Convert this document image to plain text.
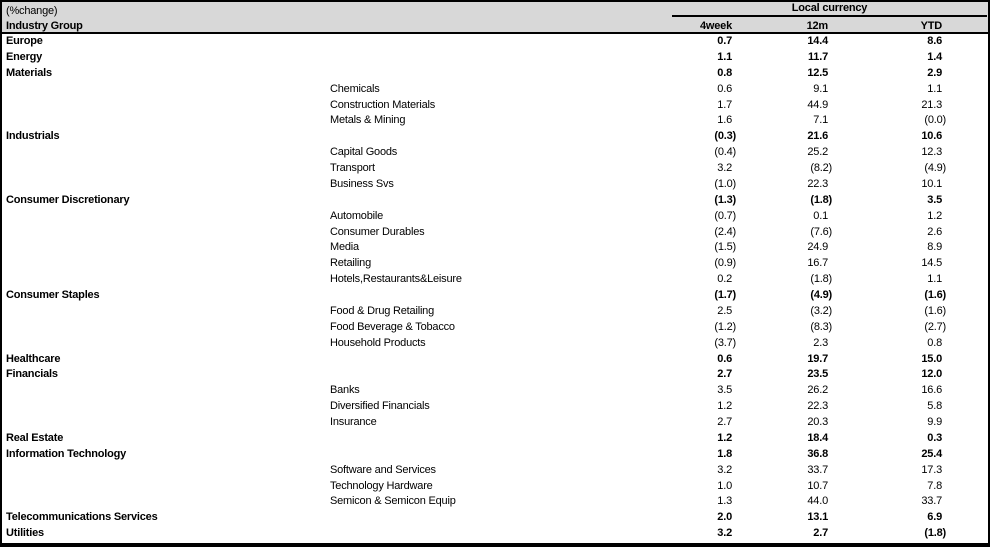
(%change)	Local currency		

Industry Group	4week	12m	YTD
Europe	0.7	14.4	8.6
Energy	1.1	11.7	1.4
Materials	0.8	12.5	2.9
Chemicals	0.6	9.1	1.1
Construction Materials	1.7	44.9	21.3
Metals & Mining	1.6	7.1	(0.0)
Industrials	(0.3)	21.6	10.6
Capital Goods	(0.4)	25.2	12.3
Transport	3.2	(8.2)	(4.9)
Business Svs	(1.0)	22.3	10.1
Consumer Discretionary	(1.3)	(1.8)	3.5
Automobile	(0.7)	0.1	1.2
Consumer Durables	(2.4)	(7.6)	2.6
Media	(1.5)	24.9	8.9
Retailing	(0.9)	16.7	14.5
Hotels,Restaurants&Leisure	0.2	(1.8)	1.1
Consumer Staples	(1.7)	(4.9)	(1.6)
Food & Drug Retailing	2.5	(3.2)	(1.6)
Food Beverage & Tobacco	(1.2)	(8.3)	(2.7)
Household Products	(3.7)	2.3	0.8
Healthcare	0.6	19.7	15.0
Financials	2.7	23.5	12.0
Banks	3.5	26.2	16.6
Diversified Financials	1.2	22.3	5.8
Insurance	2.7	20.3	9.9
Real Estate	1.2	18.4	0.3
Information Technology	1.8	36.8	25.4
Software and Services	3.2	33.7	17.3
Technology Hardware	1.0	10.7	7.8
Semicon & Semicon Equip	1.3	44.0	33.7
Telecommunications Services	2.0	13.1	6.9
Utilities	3.2	2.7	(1.8)
